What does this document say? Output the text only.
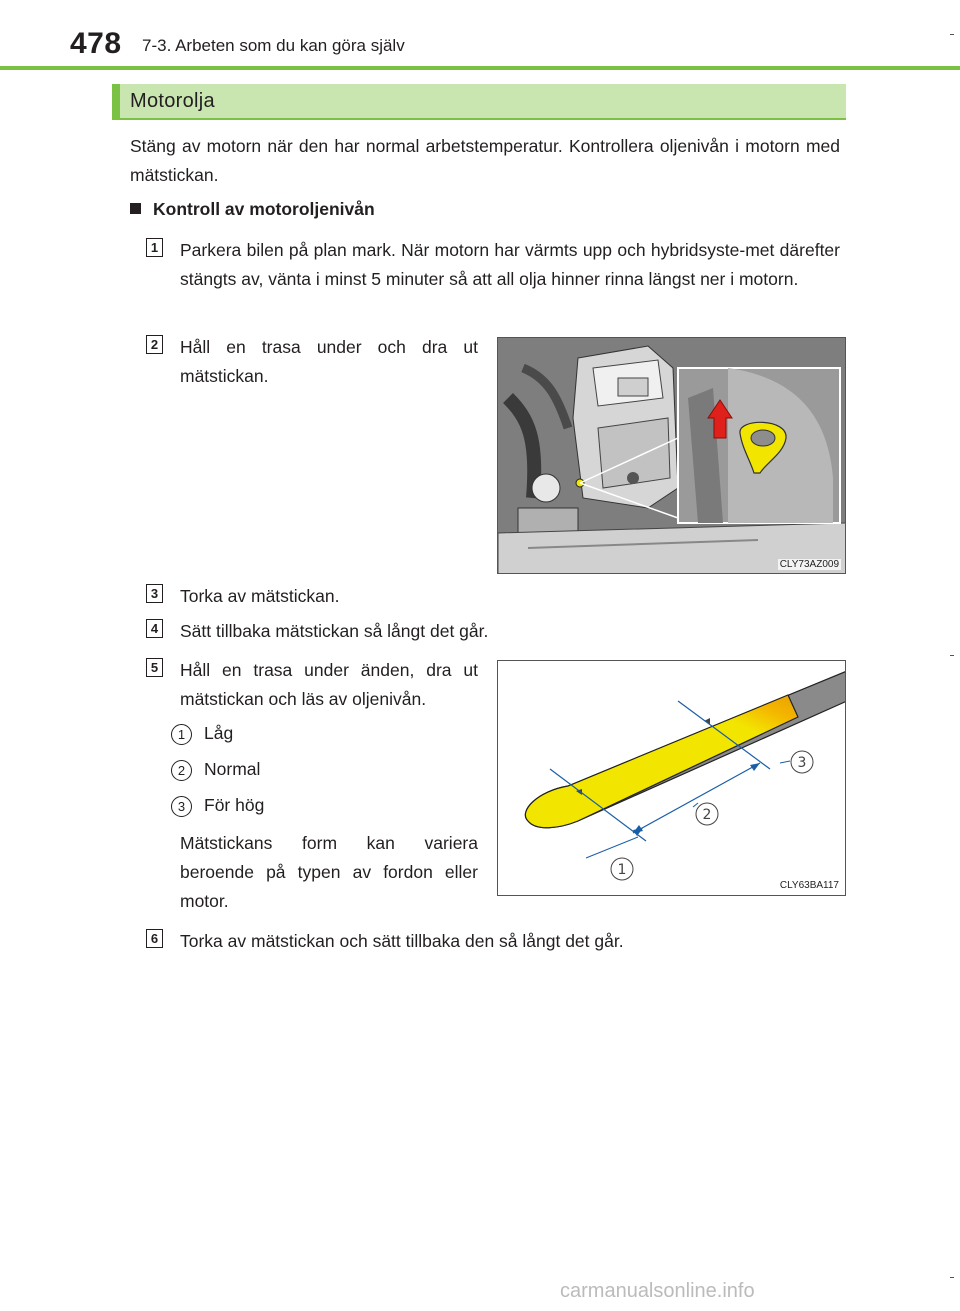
478 7-3. Arbeten som du kan göra själv
Motorolja
Stäng av motorn när den har normal arbetstemperatur. Kontrollera oljenivån i motorn med mätstickan.
Kontroll av motoroljenivån
1 Parkera bilen på plan mark. När motorn har värmts upp och hybridsyste-met därefter stängts av, vänta i minst 5 minuter så att all olja hinner rinna längst ner i motorn.
2 Håll en trasa under och dra ut mätstickan.
CLY73AZ009
3 Torka av mätstickan.
4 Sätt tillbaka mätstickan så långt det går.
5 Håll en trasa under änden, dra ut mätstickan och läs av oljenivån.
1	Låg
2	Normal
3	För hög
Mätstickans form kan variera beroende på typen av fordon eller motor.
1
2
3
CLY63BA117
6 Torka av mätstickan och sätt tillbaka den så långt det går.
carmanualsonline.info
